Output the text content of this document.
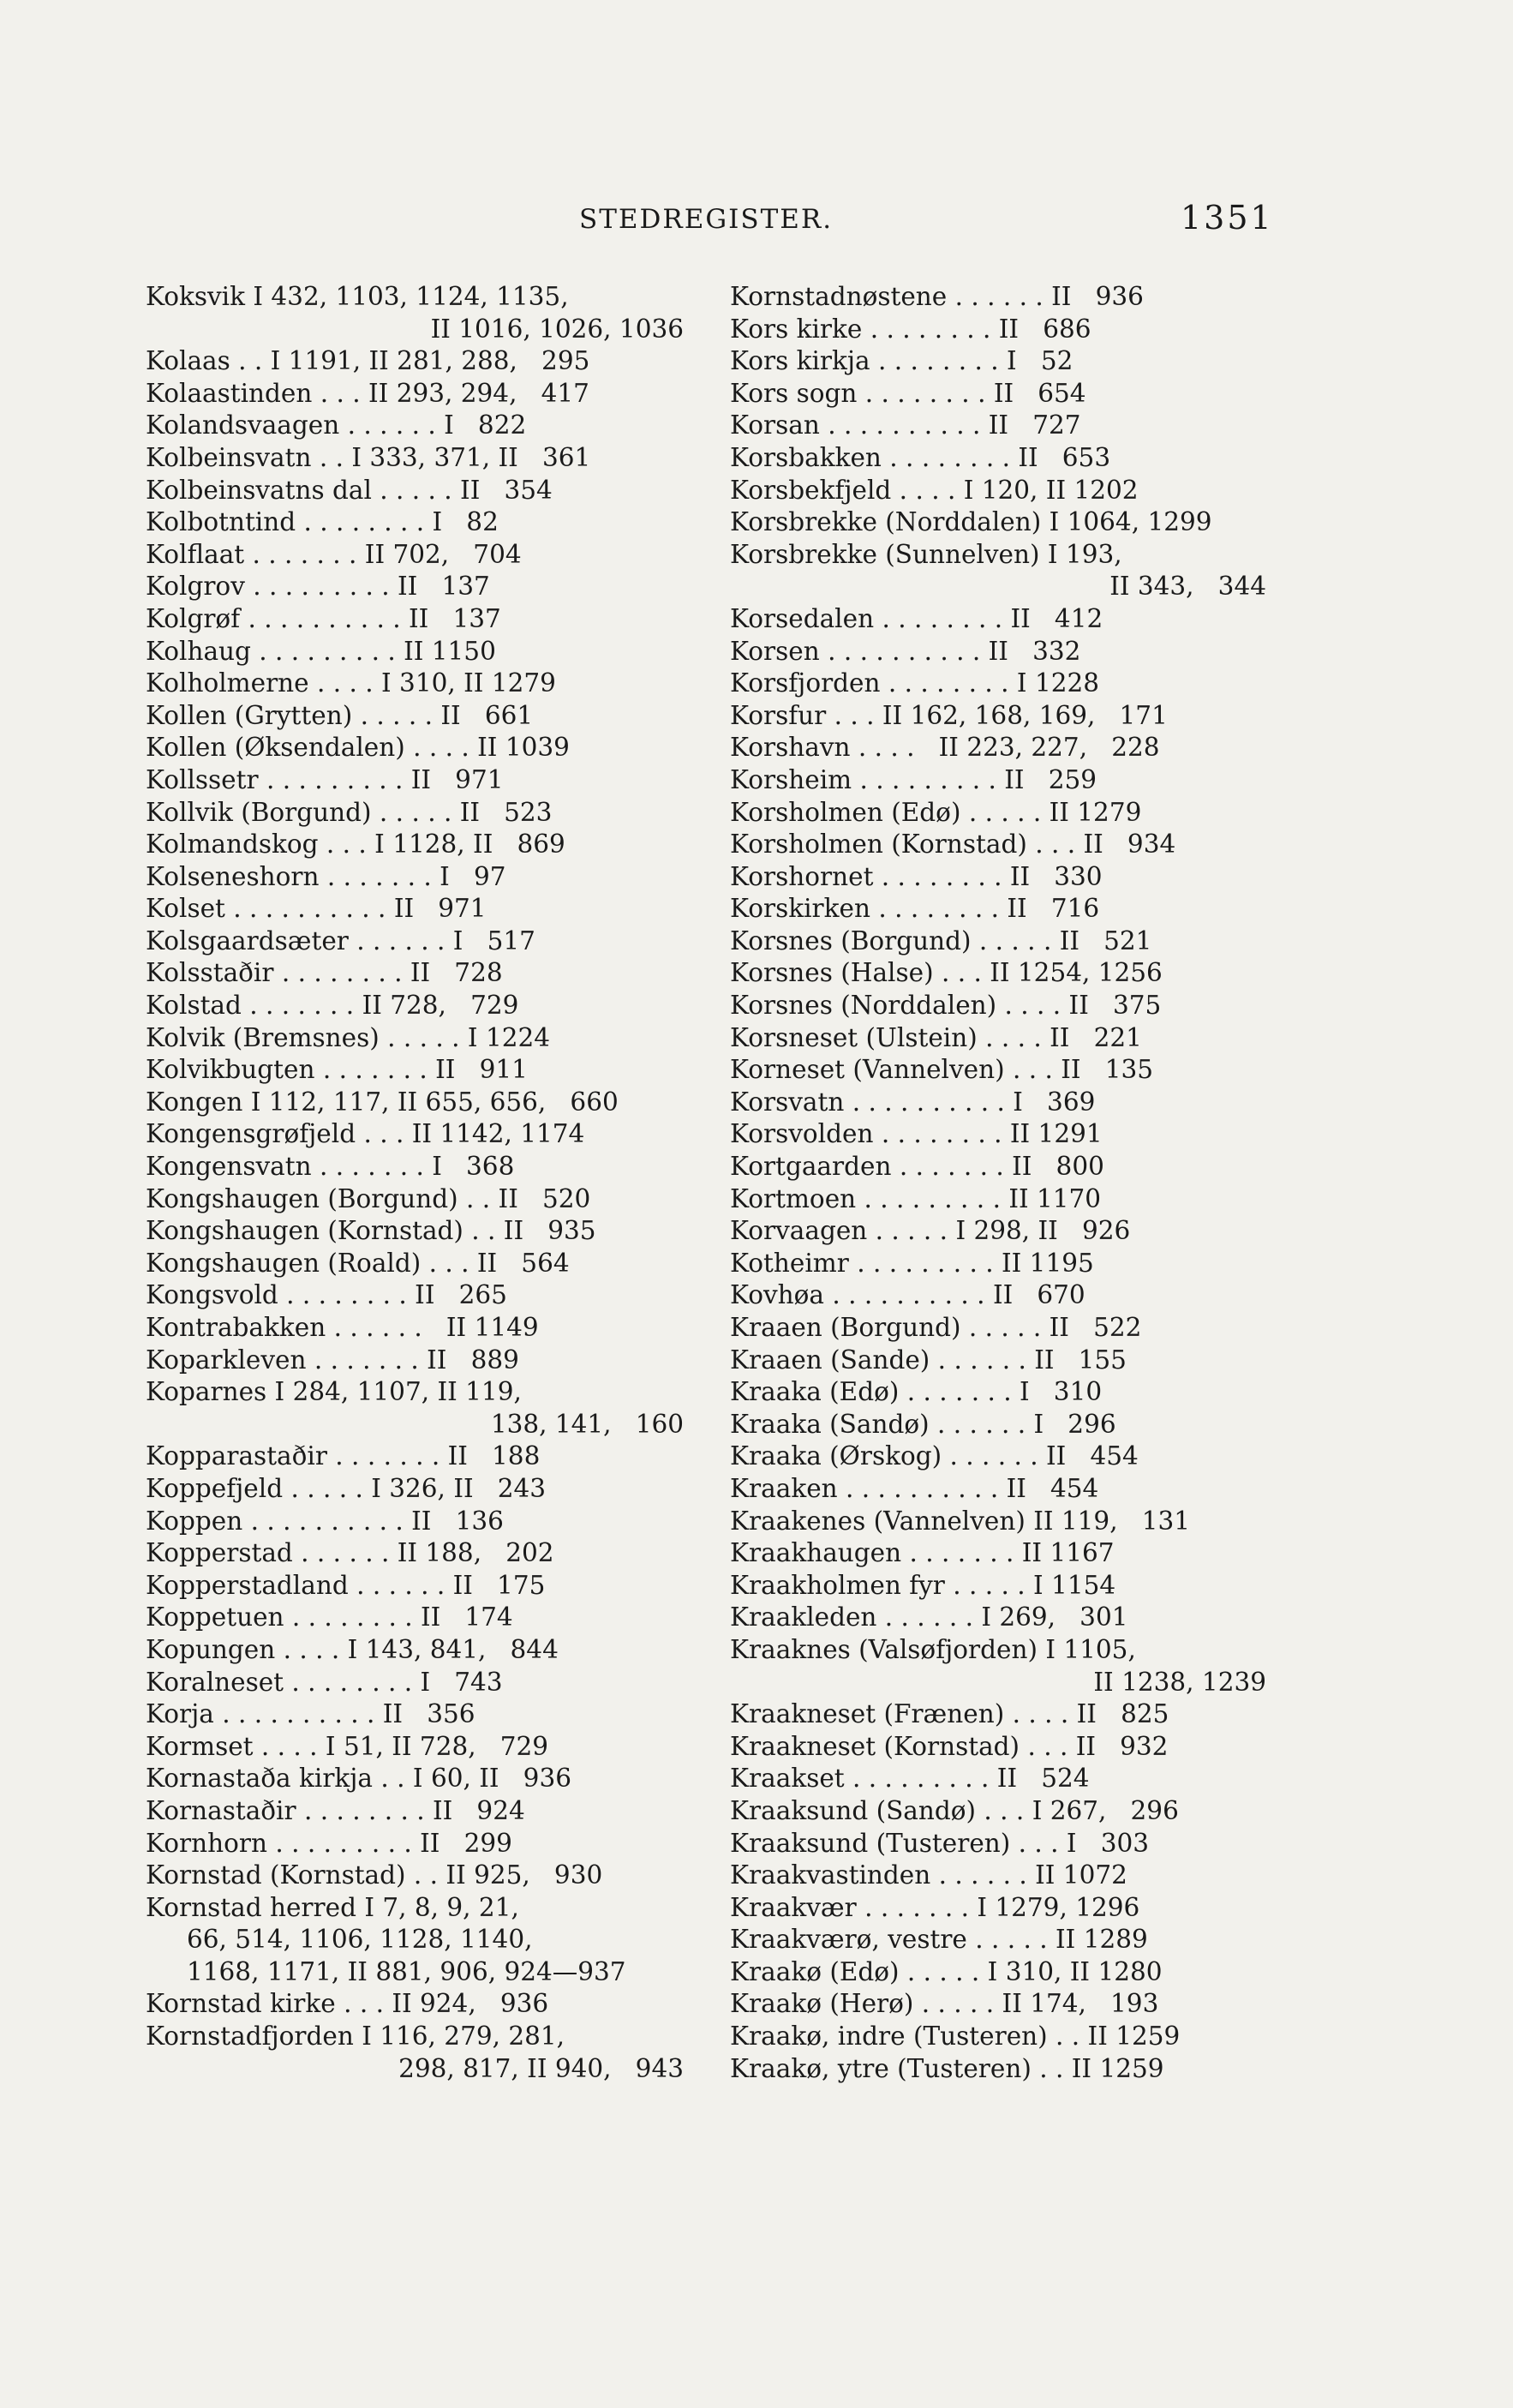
STEDREGISTER.	1351
Koksvik I 432, 1103, 1124, 1135,
II 1016, 1026, 1036
Kolaas . . I 1191, II 281, 288,   295
Kolaastinden . . . II 293, 294,   417
Kolandsvaagen . . . . . . I   822
Kolbeinsvatn . . I 333, 371, II   361
Kolbeinsvatns dal . . . . . II   354
Kolbotntind . . . . . . . . I   82
Kolflaat . . . . . . . II 702,   704
Kolgrov . . . . . . . . . II   137
Kolgrøf . . . . . . . . . . II   137
Kolhaug . . . . . . . . . II 1150
Kolholmerne . . . . I 310, II 1279
Kollen (Grytten) . . . . . II   661
Kollen (Øksendalen) . . . . II 1039
Kollssetr . . . . . . . . . II   971
Kollvik (Borgund) . . . . . II   523
Kolmandskog . . . I 1128, II   869
Kolseneshorn . . . . . . . I   97
Kolset . . . . . . . . . . II   971
Kolsgaardsæter . . . . . . I   517
Kolsstaðir . . . . . . . . II   728
Kolstad . . . . . . . II 728,   729
Kolvik (Bremsnes) . . . . . I 1224
Kolvikbugten . . . . . . . II   911
Kongen I 112, 117, II 655, 656,   660
Kongensgrøfjeld . . . II 1142, 1174
Kongensvatn . . . . . . . I   368
Kongshaugen (Borgund) . . II   520
Kongshaugen (Kornstad) . . II   935
Kongshaugen (Roald) . . . II   564
Kongsvold . . . . . . . . II   265
Kontrabakken . . . . . .   II 1149
Koparkleven . . . . . . . II   889
Koparnes I 284, 1107, II 119,
138, 141,   160
Kopparastaðir . . . . . . . II   188
Koppefjeld . . . . . I 326, II   243
Koppen . . . . . . . . . . II   136
Kopperstad . . . . . . II 188,   202
Kopperstadland . . . . . . II   175
Koppetuen . . . . . . . . II   174
Kopungen . . . . I 143, 841,   844
Koralneset . . . . . . . . I   743
Korja . . . . . . . . . . II   356
Kormset . . . . I 51, II 728,   729
Kornastaða kirkja . . I 60, II   936
Kornastaðir . . . . . . . . II   924
Kornhorn . . . . . . . . . II   299
Kornstad (Kornstad) . . II 925,   930
Kornstad herred I 7, 8, 9, 21,
66, 514, 1106, 1128, 1140,
1168, 1171, II 881, 906, 924—937
Kornstad kirke . . . II 924,   936
Kornstadfjorden I 116, 279, 281,
298, 817, II 940,   943
Kornstadnøstene . . . . . . II   936
Kors kirke . . . . . . . . II   686
Kors kirkja . . . . . . . . I   52
Kors sogn . . . . . . . . II   654
Korsan . . . . . . . . . . II   727
Korsbakken . . . . . . . . II   653
Korsbekfjeld . . . . I 120, II 1202
Korsbrekke (Norddalen) I 1064, 1299
Korsbrekke (Sunnelven) I 193,
II 343,   344
Korsedalen . . . . . . . . II   412
Korsen . . . . . . . . . . II   332
Korsfjorden . . . . . . . . I 1228
Korsfur . . . II 162, 168, 169,   171
Korshavn . . . .   II 223, 227,   228
Korsheim . . . . . . . . . II   259
Korsholmen (Edø) . . . . . II 1279
Korsholmen (Kornstad) . . . II   934
Korshornet . . . . . . . . II   330
Korskirken . . . . . . . . II   716
Korsnes (Borgund) . . . . . II   521
Korsnes (Halse) . . . II 1254, 1256
Korsnes (Norddalen) . . . . II   375
Korsneset (Ulstein) . . . . II   221
Korneset (Vannelven) . . . II   135
Korsvatn . . . . . . . . . . I   369
Korsvolden . . . . . . . . II 1291
Kortgaarden . . . . . . . II   800
Kortmoen . . . . . . . . . II 1170
Korvaagen . . . . . I 298, II   926
Kotheimr . . . . . . . . . II 1195
Kovhøa . . . . . . . . . . II   670
Kraaen (Borgund) . . . . . II   522
Kraaen (Sande) . . . . . . II   155
Kraaka (Edø) . . . . . . . I   310
Kraaka (Sandø) . . . . . . I   296
Kraaka (Ørskog) . . . . . . II   454
Kraaken . . . . . . . . . . II   454
Kraakenes (Vannelven) II 119,   131
Kraakhaugen . . . . . . . II 1167
Kraakholmen fyr . . . . . I 1154
Kraakleden . . . . . . I 269,   301
Kraaknes (Valsøfjorden) I 1105,
II 1238, 1239
Kraakneset (Frænen) . . . . II   825
Kraakneset (Kornstad) . . . II   932
Kraakset . . . . . . . . . II   524
Kraaksund (Sandø) . . . I 267,   296
Kraaksund (Tusteren) . . . I   303
Kraakvastinden . . . . . . II 1072
Kraakvær . . . . . . . I 1279, 1296
Kraakværø, vestre . . . . . II 1289
Kraakø (Edø) . . . . . I 310, II 1280
Kraakø (Herø) . . . . . II 174,   193
Kraakø, indre (Tusteren) . . II 1259
Kraakø, ytre (Tusteren) . . II 1259
